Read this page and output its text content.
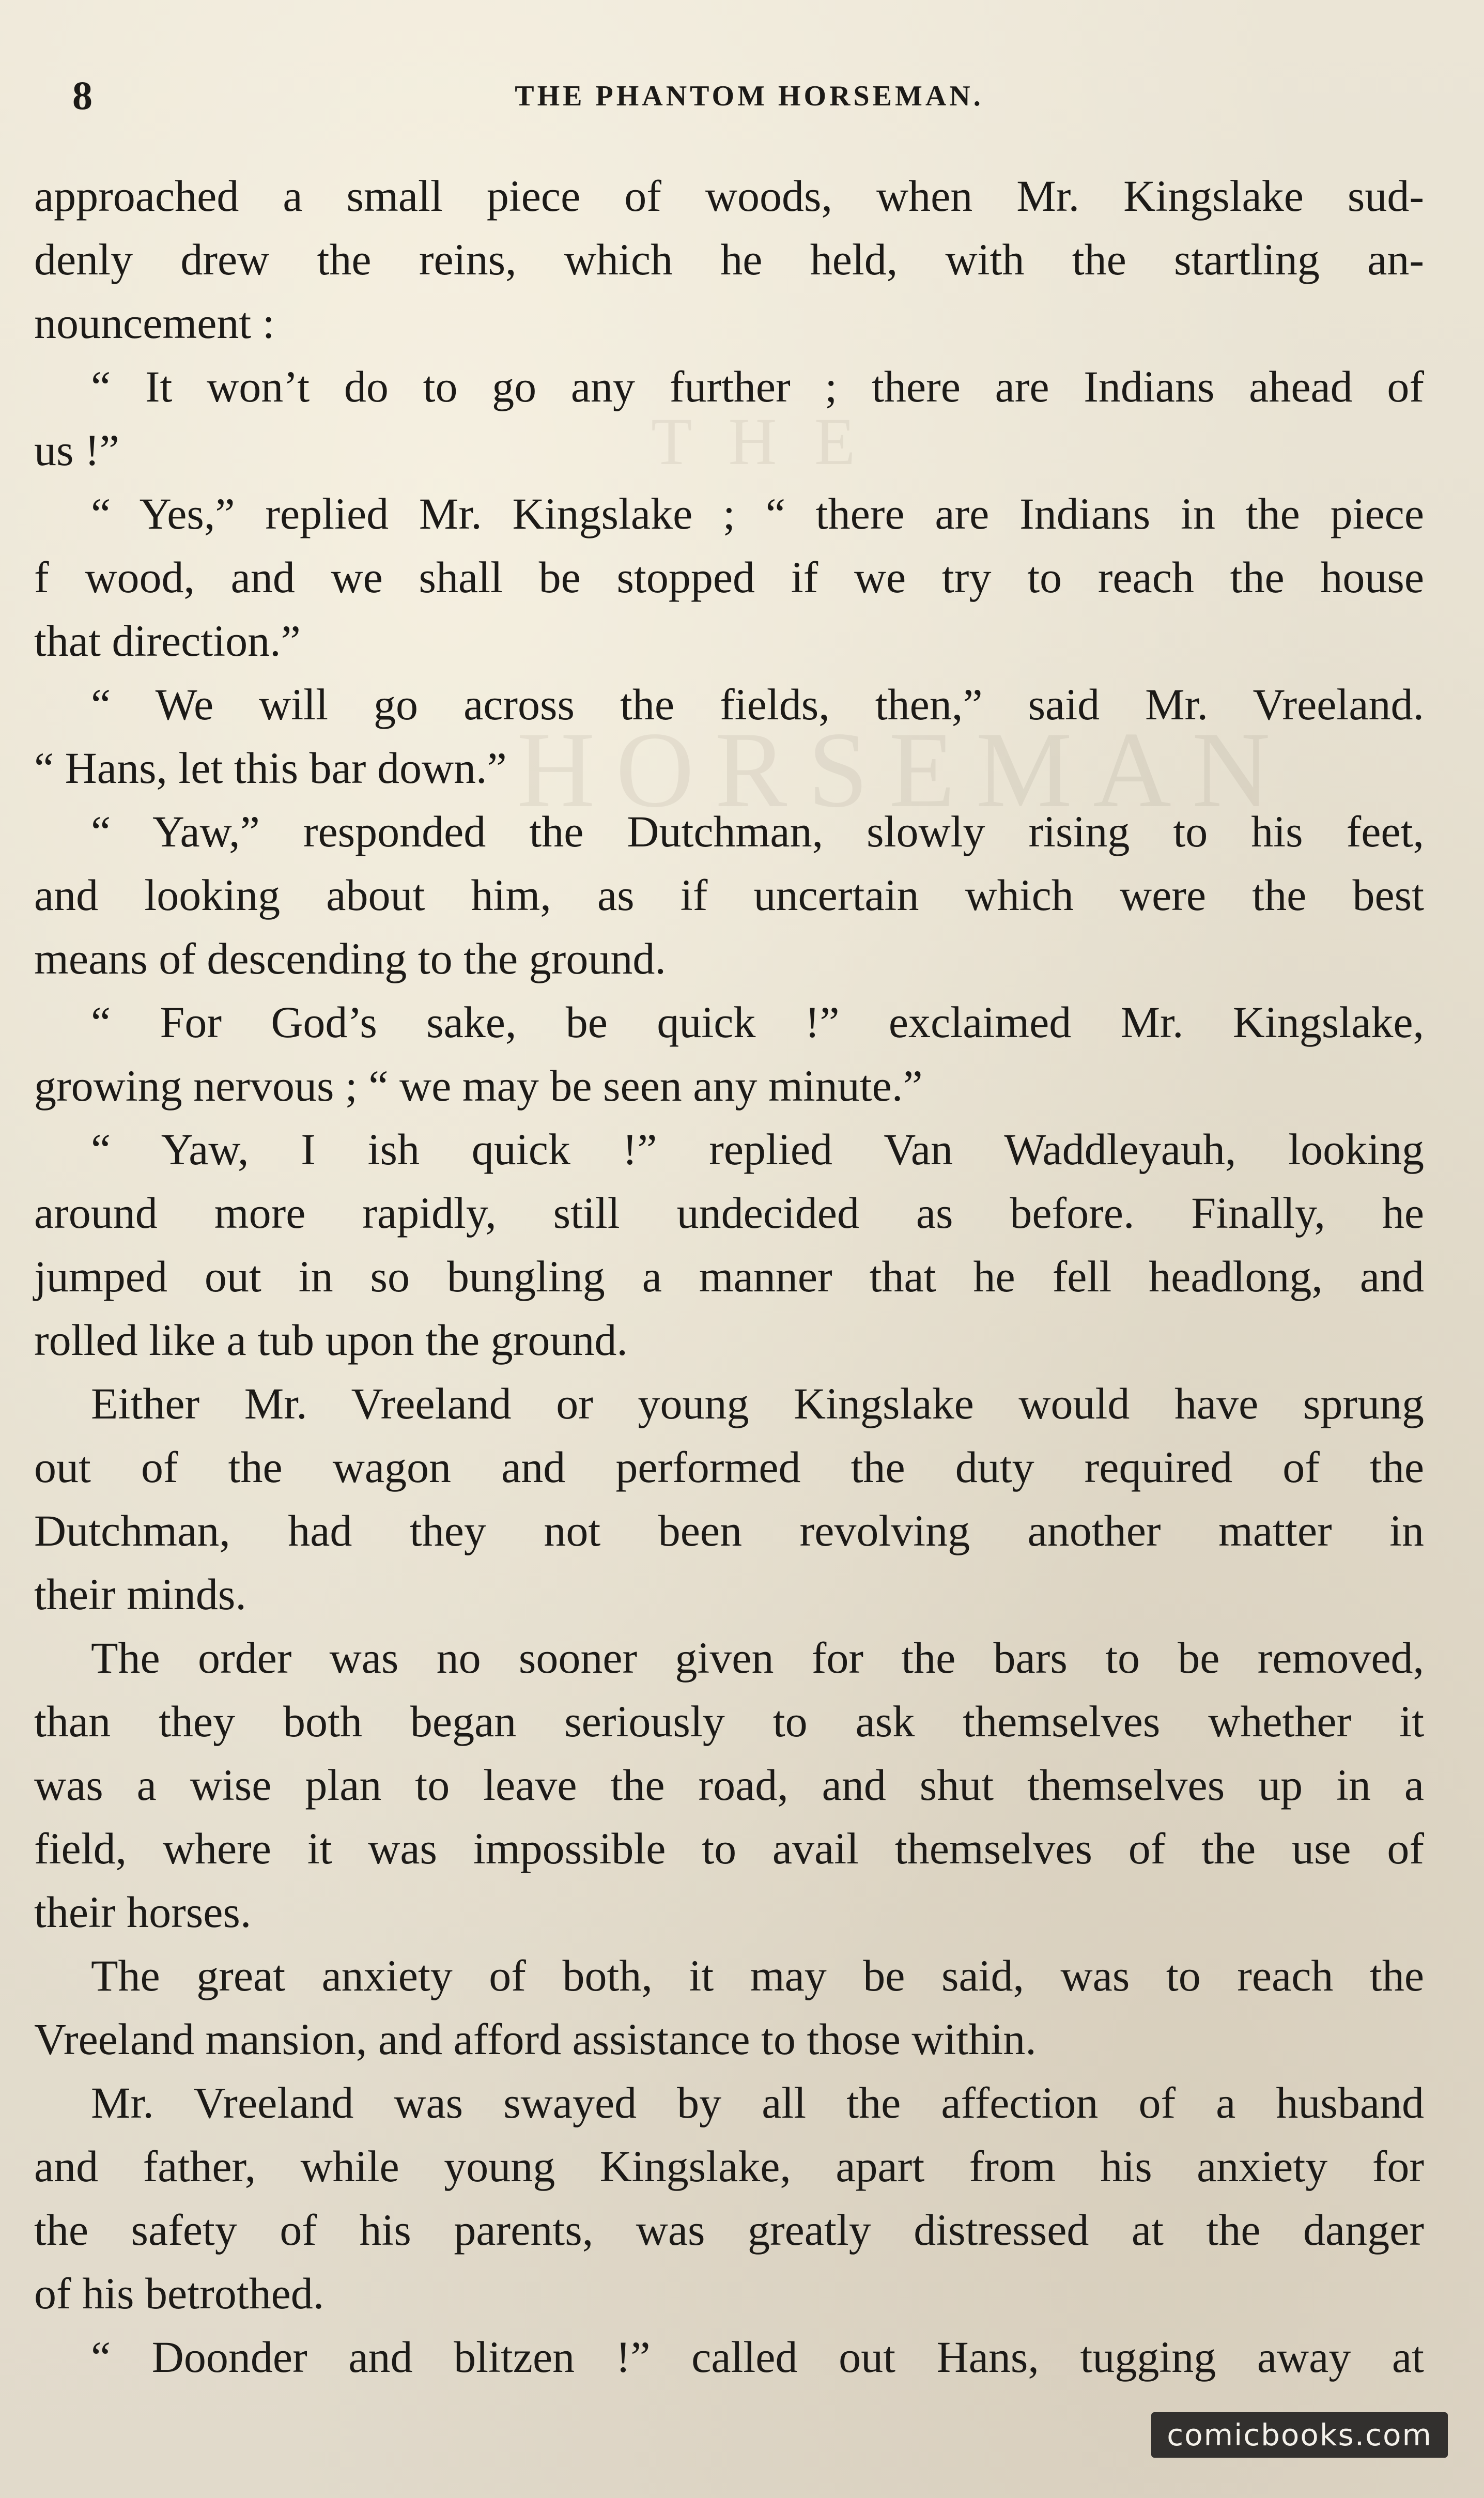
T H E
HORSEMAN
8	THE PHANTOM HORSEMAN.
approached a small piece of woods, when Mr. Kingslake sud-
denly drew the reins, which he held, with the startling an-
nouncement :
“ It won’t do to go any further ; there are Indians ahead of
us !”
“ Yes,” replied Mr. Kingslake ; “ there are Indians in the piece
f wood, and we shall be stopped if we try to reach the house
that direction.”
“ We will go across the fields, then,” said Mr. Vreeland.
“ Hans, let this bar down.”
“ Yaw,” responded the Dutchman, slowly rising to his feet,
and looking about him, as if uncertain which were the best
means of descending to the ground.
“ For God’s sake, be quick !” exclaimed Mr. Kingslake,
growing nervous ; “ we may be seen any minute.”
“ Yaw, I ish quick !” replied Van Waddleyauh, looking
around more rapidly, still undecided as before. Finally, he
jumped out in so bungling a manner that he fell headlong, and
rolled like a tub upon the ground.
Either Mr. Vreeland or young Kingslake would have sprung
out of the wagon and performed the duty required of the
Dutchman, had they not been revolving another matter in
their minds.
The order was no sooner given for the bars to be removed,
than they both began seriously to ask themselves whether it
was a wise plan to leave the road, and shut themselves up in a
field, where it was impossible to avail themselves of the use of
their horses.
The great anxiety of both, it may be said, was to reach the
Vreeland mansion, and afford assistance to those within.
Mr. Vreeland was swayed by all the affection of a husband
and father, while young Kingslake, apart from his anxiety for
the safety of his parents, was greatly distressed at the danger
of his betrothed.
“ Doonder and blitzen !” called out Hans, tugging away at
comicbooks.com
